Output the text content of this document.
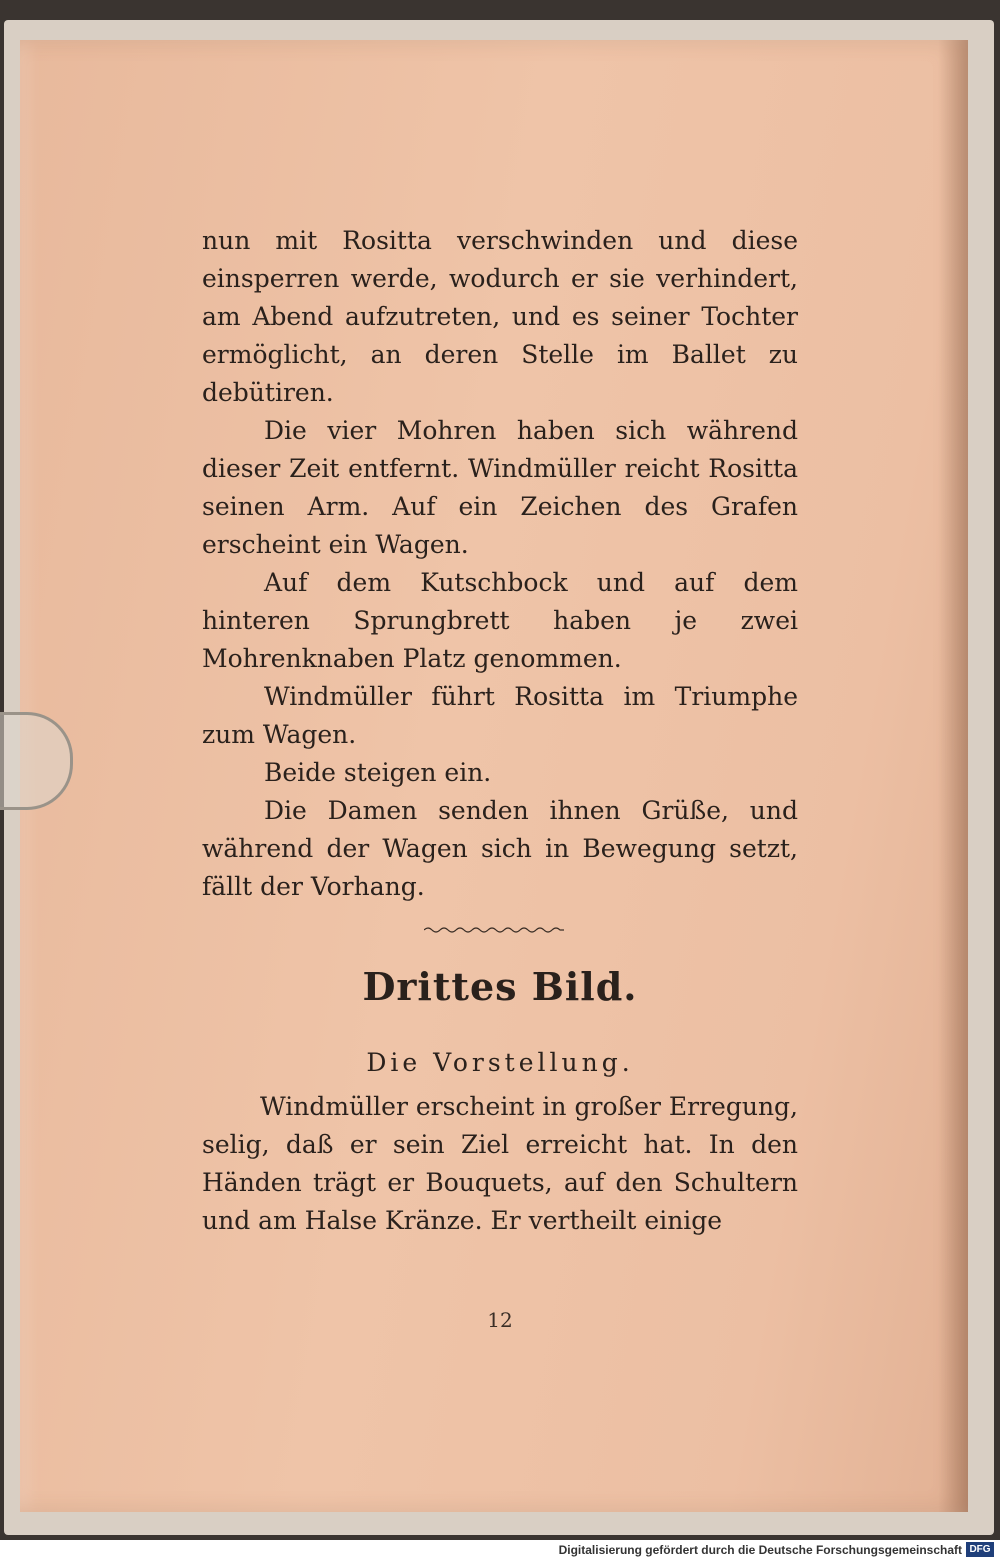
nun mit Rositta verschwinden und diese einsperren werde, wodurch er sie verhindert, am Abend aufzutreten, und es seiner Tochter ermöglicht, an deren Stelle im Ballet zu debütiren.

Die vier Mohren haben sich während dieser Zeit entfernt. Windmüller reicht Rositta seinen Arm. Auf ein Zeichen des Grafen erscheint ein Wagen.

Auf dem Kutschbock und auf dem hinteren Sprungbrett haben je zwei Mohrenknaben Platz genommen.

Windmüller führt Rositta im Triumphe zum Wagen.

Beide steigen ein.

Die Damen senden ihnen Grüße, und während der Wagen sich in Bewegung setzt, fällt der Vorhang.

Drittes Bild.
Die Vorstellung.

Windmüller erscheint in großer Erregung, selig, daß er sein Ziel erreicht hat. In den Händen trägt er Bouquets, auf den Schultern und am Halse Kränze. Er vertheilt einige

12
Digitalisierung gefördert durch die Deutsche Forschungsgemeinschaft DFG
